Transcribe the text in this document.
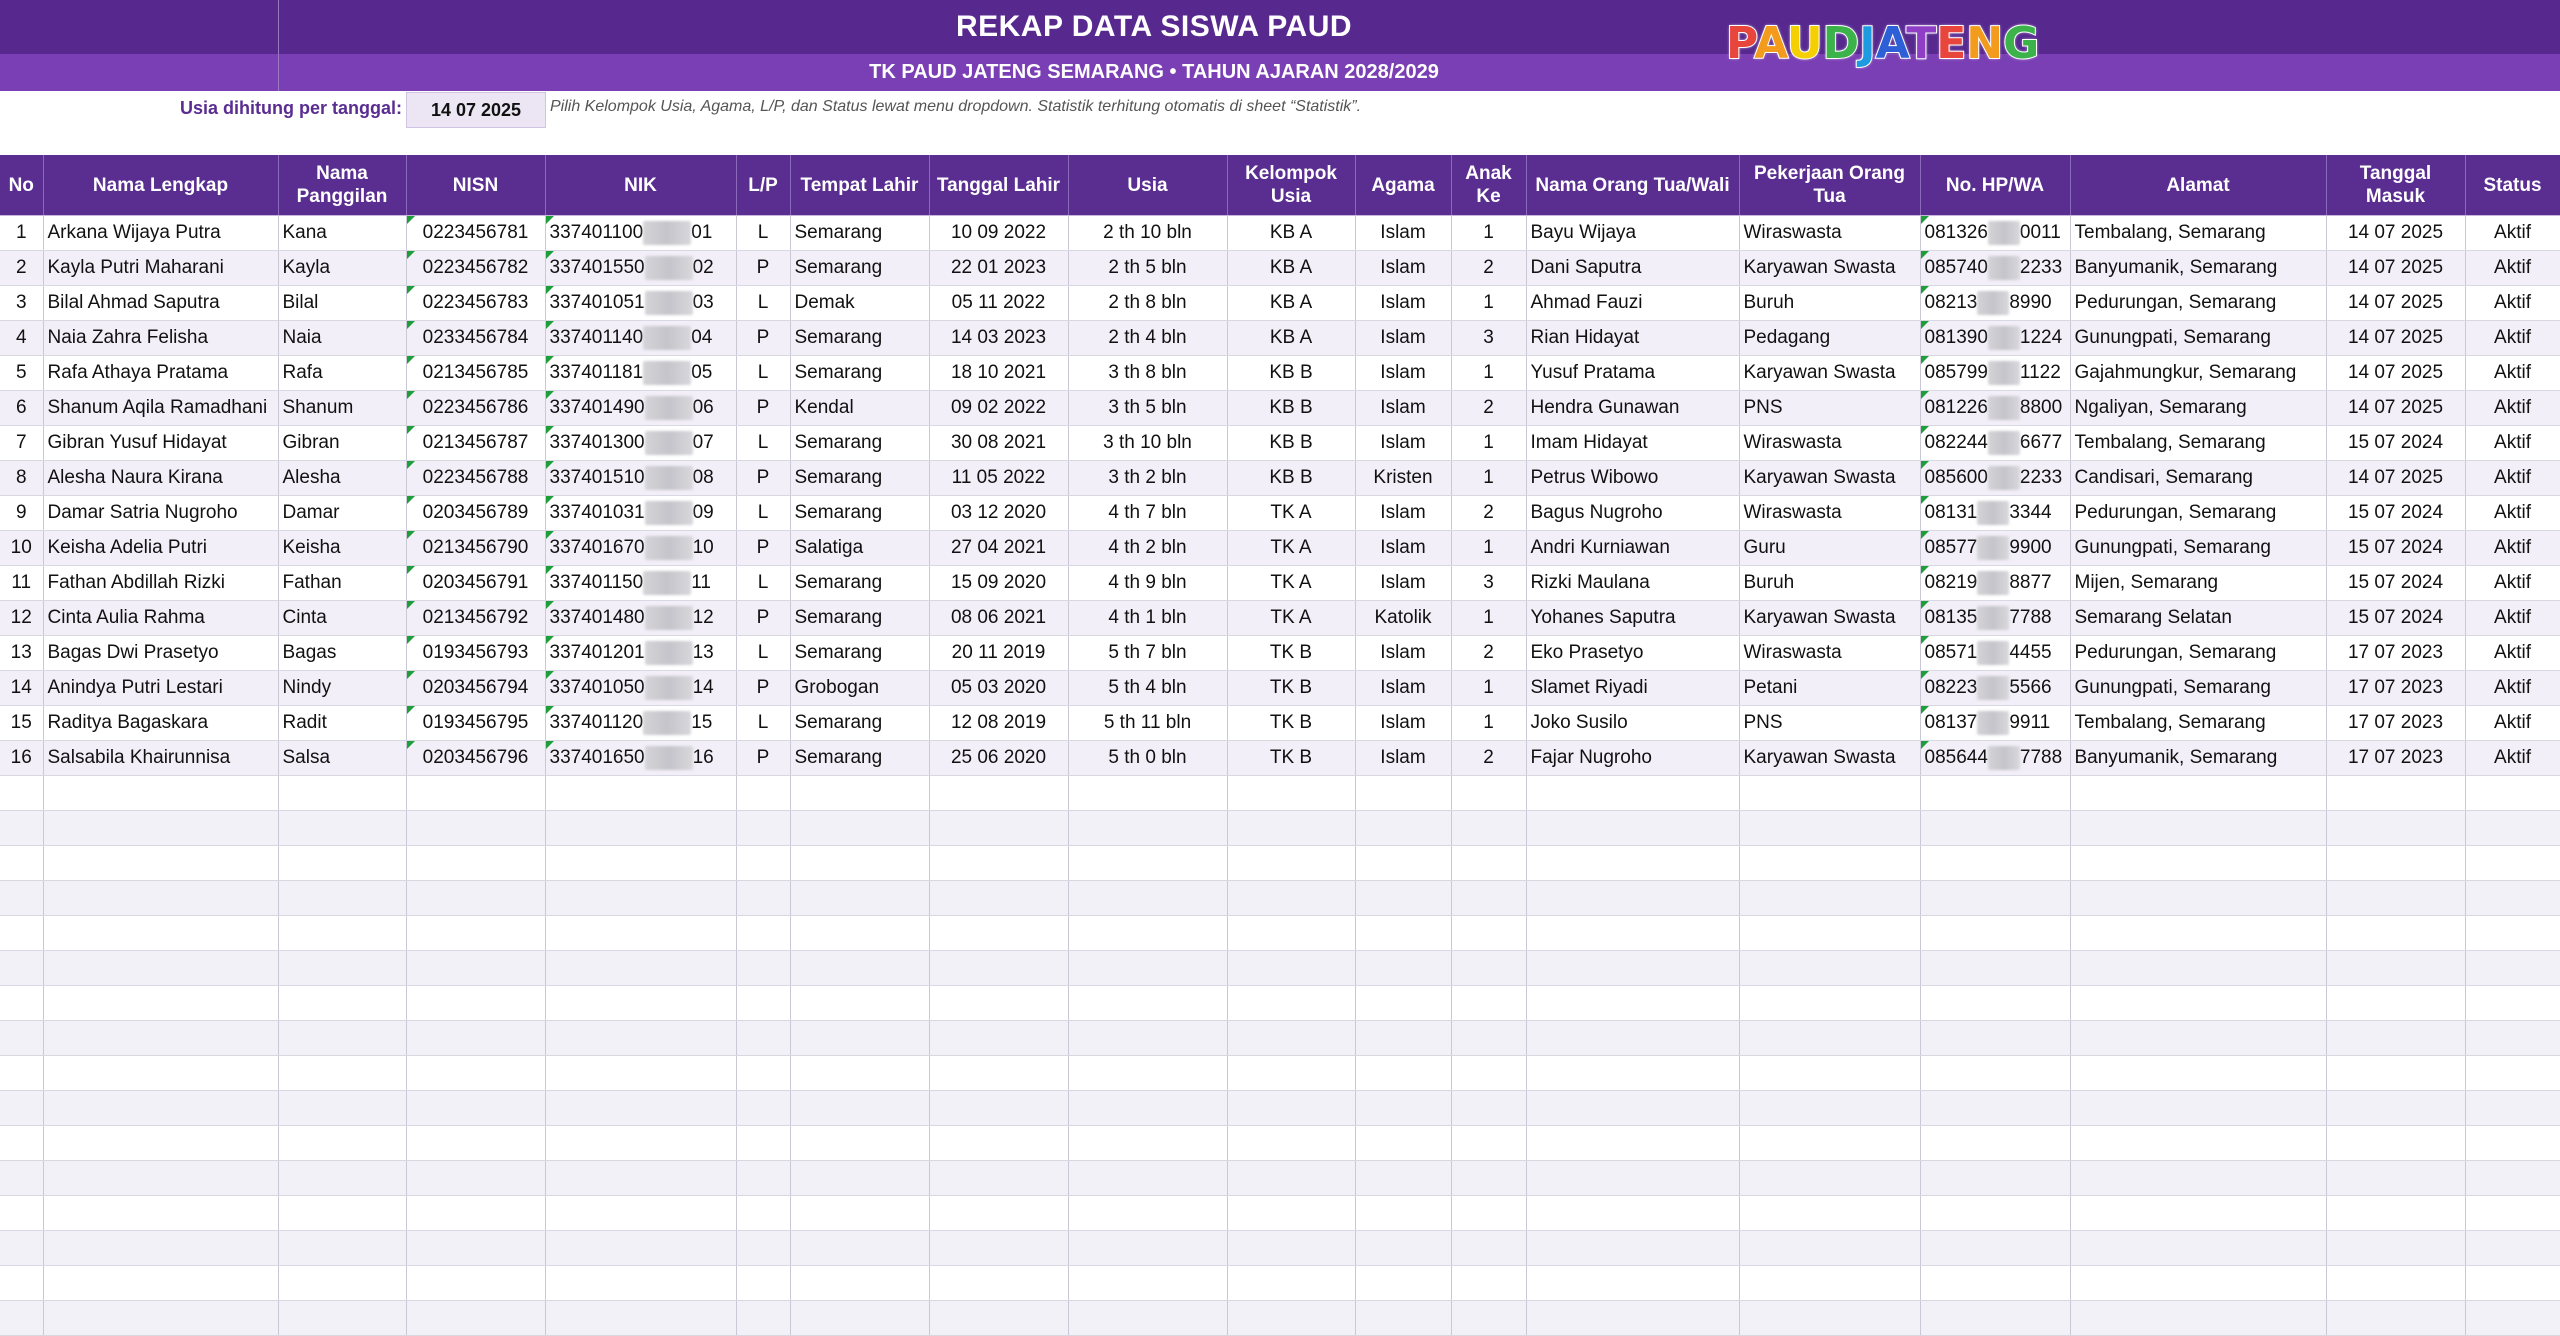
REKAP DATA SISWA PAUD
TK PAUD JATENG SEMARANG • TAHUN AJARAN 2028/2029
PAUDJATENG
Usia dihitung per tanggal:	14 07 2025	Pilih Kelompok Usia, Agama, L/P, dan Status lewat menu dropdown. Statistik terhitung otomatis di sheet “Statistik”.
No	Nama Lengkap	Nama Panggilan	NISN	NIK	L/P	Tempat Lahir	Tanggal Lahir	Usia	Kelompok Usia	Agama	Anak Ke	Nama Orang Tua/Wali	Pekerjaan Orang Tua	No. HP/WA	Alamat	Tanggal Masuk	Status
1	Arkana Wijaya Putra	Kana	0223456781	337401100 01	L	Semarang	10 09 2022	2 th 10 bln	KB A	Islam	1	Bayu Wijaya	Wiraswasta	081326 0011	Tembalang, Semarang	14 07 2025	Aktif
2	Kayla Putri Maharani	Kayla	0223456782	337401550 02	P	Semarang	22 01 2023	2 th 5 bln	KB A	Islam	2	Dani Saputra	Karyawan Swasta	085740 2233	Banyumanik, Semarang	14 07 2025	Aktif
3	Bilal Ahmad Saputra	Bilal	0223456783	337401051 03	L	Demak	05 11 2022	2 th 8 bln	KB A	Islam	1	Ahmad Fauzi	Buruh	08213 8990	Pedurungan, Semarang	14 07 2025	Aktif
4	Naia Zahra Felisha	Naia	0233456784	337401140 04	P	Semarang	14 03 2023	2 th 4 bln	KB A	Islam	3	Rian Hidayat	Pedagang	081390 1224	Gunungpati, Semarang	14 07 2025	Aktif
5	Rafa Athaya Pratama	Rafa	0213456785	337401181 05	L	Semarang	18 10 2021	3 th 8 bln	KB B	Islam	1	Yusuf Pratama	Karyawan Swasta	085799 1122	Gajahmungkur, Semarang	14 07 2025	Aktif
6	Shanum Aqila Ramadhani	Shanum	0223456786	337401490 06	P	Kendal	09 02 2022	3 th 5 bln	KB B	Islam	2	Hendra Gunawan	PNS	081226 8800	Ngaliyan, Semarang	14 07 2025	Aktif
7	Gibran Yusuf Hidayat	Gibran	0213456787	337401300 07	L	Semarang	30 08 2021	3 th 10 bln	KB B	Islam	1	Imam Hidayat	Wiraswasta	082244 6677	Tembalang, Semarang	15 07 2024	Aktif
8	Alesha Naura Kirana	Alesha	0223456788	337401510 08	P	Semarang	11 05 2022	3 th 2 bln	KB B	Kristen	1	Petrus Wibowo	Karyawan Swasta	085600 2233	Candisari, Semarang	14 07 2025	Aktif
9	Damar Satria Nugroho	Damar	0203456789	337401031 09	L	Semarang	03 12 2020	4 th 7 bln	TK A	Islam	2	Bagus Nugroho	Wiraswasta	08131 3344	Pedurungan, Semarang	15 07 2024	Aktif
10	Keisha Adelia Putri	Keisha	0213456790	337401670 10	P	Salatiga	27 04 2021	4 th 2 bln	TK A	Islam	1	Andri Kurniawan	Guru	08577 9900	Gunungpati, Semarang	15 07 2024	Aktif
11	Fathan Abdillah Rizki	Fathan	0203456791	337401150 11	L	Semarang	15 09 2020	4 th 9 bln	TK A	Islam	3	Rizki Maulana	Buruh	08219 8877	Mijen, Semarang	15 07 2024	Aktif
12	Cinta Aulia Rahma	Cinta	0213456792	337401480 12	P	Semarang	08 06 2021	4 th 1 bln	TK A	Katolik	1	Yohanes Saputra	Karyawan Swasta	08135 7788	Semarang Selatan	15 07 2024	Aktif
13	Bagas Dwi Prasetyo	Bagas	0193456793	337401201 13	L	Semarang	20 11 2019	5 th 7 bln	TK B	Islam	2	Eko Prasetyo	Wiraswasta	08571 4455	Pedurungan, Semarang	17 07 2023	Aktif
14	Anindya Putri Lestari	Nindy	0203456794	337401050 14	P	Grobogan	05 03 2020	5 th 4 bln	TK B	Islam	1	Slamet Riyadi	Petani	08223 5566	Gunungpati, Semarang	17 07 2023	Aktif
15	Raditya Bagaskara	Radit	0193456795	337401120 15	L	Semarang	12 08 2019	5 th 11 bln	TK B	Islam	1	Joko Susilo	PNS	08137 9911	Tembalang, Semarang	17 07 2023	Aktif
16	Salsabila Khairunnisa	Salsa	0203456796	337401650 16	P	Semarang	25 06 2020	5 th 0 bln	TK B	Islam	2	Fajar Nugroho	Karyawan Swasta	085644 7788	Banyumanik, Semarang	17 07 2023	Aktif
